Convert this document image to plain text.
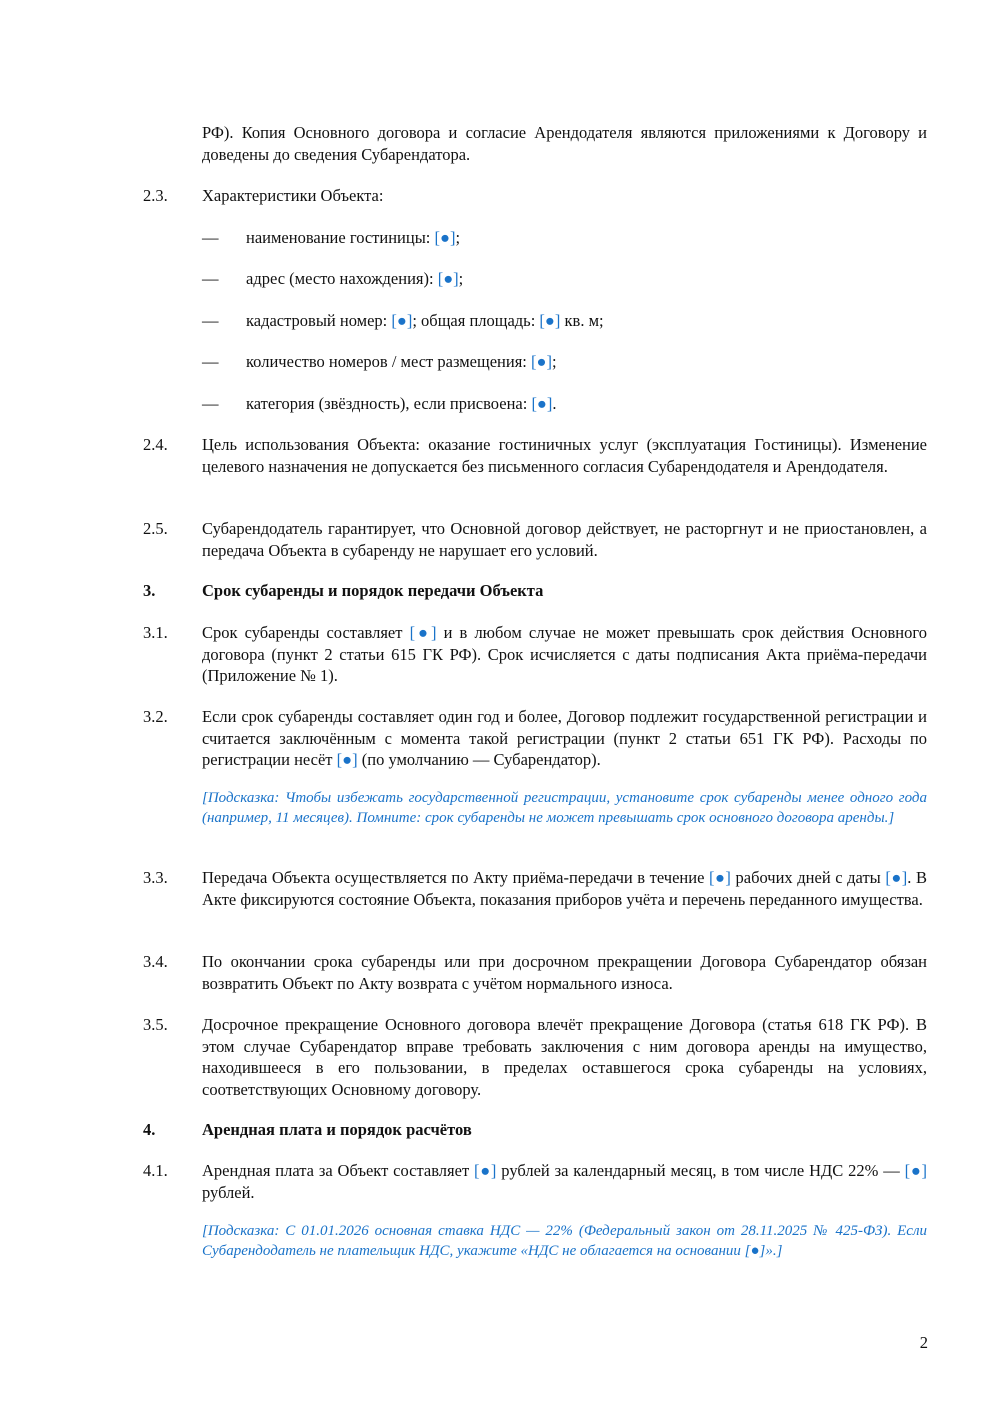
РФ). Копия Основного договора и согласие Арендодателя являются приложениями к Договору и доведены до сведения Субарендатора.
2.3.	Характеристики Объекта:
— наименование гостиницы: [●];
— адрес (место нахождения): [●];
— кадастровый номер: [●]; общая площадь: [●] кв. м;
— количество номеров / мест размещения: [●];
— категория (звёздность), если присвоена: [●].
2.4.	Цель использования Объекта: оказание гостиничных услуг (эксплуатация Гостиницы). Изменение целевого назначения не допускается без письменного согласия Субарендодателя и Арендодателя.
2.5.	Субарендодатель гарантирует, что Основной договор действует, не расторгнут и не приостановлен, а передача Объекта в субаренду не нарушает его условий.
3.	Срок субаренды и порядок передачи Объекта
3.1.	Срок субаренды составляет [●] и в любом случае не может превышать срок действия Основного договора (пункт 2 статьи 615 ГК РФ). Срок исчисляется с даты подписания Акта приёма-передачи (Приложение № 1).
3.2.	Если срок субаренды составляет один год и более, Договор подлежит государственной регистрации и считается заключённым с момента такой регистрации (пункт 2 статьи 651 ГК РФ). Расходы по регистрации несёт [●] (по умолчанию — Субарендатор).
[Подсказка: Чтобы избежать государственной регистрации, установите срок субаренды менее одного года (например, 11 месяцев). Помните: срок субаренды не может превышать срок основного договора аренды.]
3.3.	Передача Объекта осуществляется по Акту приёма-передачи в течение [●] рабочих дней с даты [●]. В Акте фиксируются состояние Объекта, показания приборов учёта и перечень переданного имущества.
3.4.	По окончании срока субаренды или при досрочном прекращении Договора Субарендатор обязан возвратить Объект по Акту возврата с учётом нормального износа.
3.5.	Досрочное прекращение Основного договора влечёт прекращение Договора (статья 618 ГК РФ). В этом случае Субарендатор вправе требовать заключения с ним договора аренды на имущество, находившееся в его пользовании, в пределах оставшегося срока субаренды на условиях, соответствующих Основному договору.
4.	Арендная плата и порядок расчётов
4.1.	Арендная плата за Объект составляет [●] рублей за календарный месяц, в том числе НДС 22% — [●] рублей.
[Подсказка: С 01.01.2026 основная ставка НДС — 22% (Федеральный закон от 28.11.2025 № 425-ФЗ). Если Субарендодатель не плательщик НДС, укажите «НДС не облагается на основании [●]».]
2
